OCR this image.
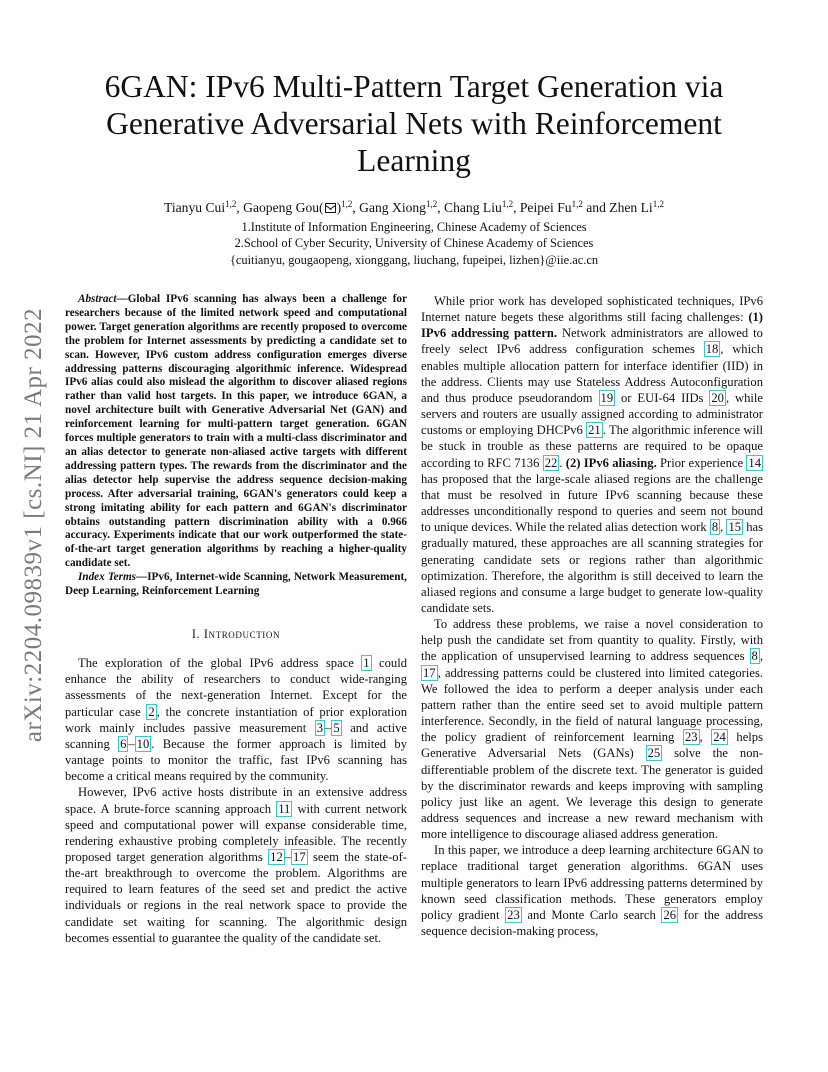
arXiv:2204.09839v1 [cs.NI] 21 Apr 2022
6GAN: IPv6 Multi-Pattern Target Generation via Generative Adversarial Nets with Reinforcement Learning
Tianyu Cui$^{1,2}$, Gaopeng Gou( )$^{1,2}$, Gang Xiong$^{1,2}$, Chang Liu$^{1,2}$, Peipei Fu$^{1,2}$ and Zhen Li$^{1,2}$
1.Institute of Information Engineering, Chinese Academy of Sciences
2.School of Cyber Security, University of Chinese Academy of Sciences
{cuitianyu, gougaopeng, xionggang, liuchang, fupeipei, lizhen}@iie.ac.cn

Abstract—Global IPv6 scanning has always been a challenge for researchers because of the limited network speed and computational power. Target generation algorithms are recently proposed to overcome the problem for Internet assessments by predicting a candidate set to scan. However, IPv6 custom address configuration emerges diverse addressing patterns discouraging algorithmic inference. Widespread IPv6 alias could also mislead the algorithm to discover aliased regions rather than valid host targets. In this paper, we introduce 6GAN, a novel architecture built with Generative Adversarial Net (GAN) and reinforcement learning for multi-pattern target generation. 6GAN forces multiple generators to train with a multi-class discriminator and an alias detector to generate non-aliased active targets with different addressing pattern types. The rewards from the discriminator and the alias detector help supervise the address sequence decision-making process. After adversarial training, 6GAN's generators could keep a strong imitating ability for each pattern and 6GAN's discriminator obtains outstanding pattern discrimination ability with a 0.966 accuracy. Experiments indicate that our work outperformed the state-of-the-art target generation algorithms by reaching a higher-quality candidate set.

Index Terms—IPv6, Internet-wide Scanning, Network Measurement, Deep Learning, Reinforcement Learning

I. Introduction

The exploration of the global IPv6 address space 1 could enhance the ability of researchers to conduct wide-ranging assessments of the next-generation Internet. Except for the particular case 2 , the concrete instantiation of prior exploration work mainly includes passive measurement 3 – 5 and active scanning 6 – 10 . Because the former approach is limited by vantage points to monitor the traffic, fast IPv6 scanning has become a critical means required by the community.

However, IPv6 active hosts distribute in an extensive address space. A brute-force scanning approach 11 with current network speed and computational power will expanse considerable time, rendering exhaustive probing completely infeasible. The recently proposed target generation algorithms 12 – 17 seem the state-of-the-art breakthrough to overcome the problem. Algorithms are required to learn features of the seed set and predict the active individuals or regions in the real network space to provide the candidate set waiting for scanning. The algorithmic design becomes essential to guarantee the quality of the candidate set.

While prior work has developed sophisticated techniques, IPv6 Internet nature begets these algorithms still facing challenges: (1) IPv6 addressing pattern. Network administrators are allowed to freely select IPv6 address configuration schemes 18 , which enables multiple allocation pattern for interface identifier (IID) in the address. Clients may use Stateless Address Autoconfiguration and thus produce pseudorandom 19 or EUI-64 IIDs 20 , while servers and routers are usually assigned according to administrator customs or employing DHCPv6 21 . The algorithmic inference will be stuck in trouble as these patterns are required to be opaque according to RFC 7136 22 . (2) IPv6 aliasing. Prior experience 14 has proposed that the large-scale aliased regions are the challenge that must be resolved in future IPv6 scanning because these addresses unconditionally respond to queries and seem not bound to unique devices. While the related alias detection work 8 , 15 has gradually matured, these approaches are all scanning strategies for generating candidate sets or regions rather than algorithmic optimization. Therefore, the algorithm is still deceived to learn the aliased regions and consume a large budget to generate low-quality candidate sets.

To address these problems, we raise a novel consideration to help push the candidate set from quantity to quality. Firstly, with the application of unsupervised learning to address sequences 8 , 17 , addressing patterns could be clustered into limited categories. We followed the idea to perform a deeper analysis under each pattern rather than the entire seed set to avoid multiple pattern interference. Secondly, in the field of natural language processing, the policy gradient of reinforcement learning 23 , 24 helps Generative Adversarial Nets (GANs) 25 solve the non-differentiable problem of the discrete text. The generator is guided by the discriminator rewards and keeps improving with sampling policy just like an agent. We leverage this design to generate address sequences and increase a new reward mechanism with more intelligence to discourage aliased address generation.

In this paper, we introduce a deep learning architecture 6GAN to replace traditional target generation algorithms. 6GAN uses multiple generators to learn IPv6 addressing patterns determined by known seed classification methods. These generators employ policy gradient 23 and Monte Carlo search 26 for the address sequence decision-making process,
